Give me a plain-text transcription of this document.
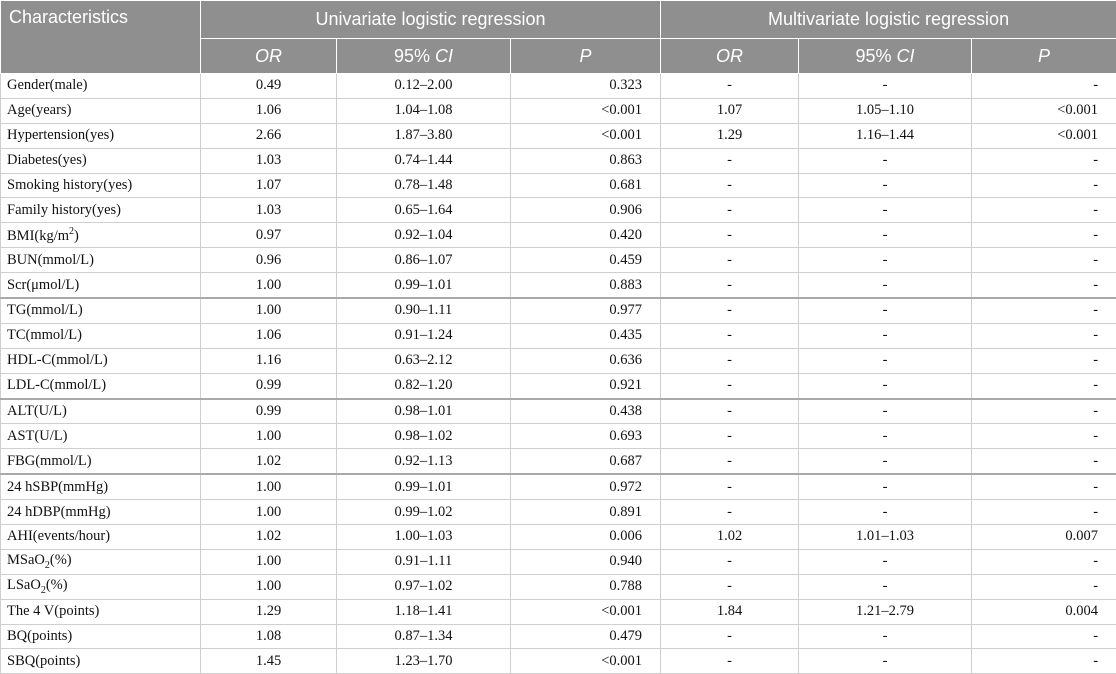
Characteristics	Univariate logistic regression			Multivariate logistic regression		
	OR	95% CI	P	OR	95% CI	P
Gender(male)	0.49	0.12–2.00	0.323	-	-	-
Age(years)	1.06	1.04–1.08	<0.001	1.07	1.05–1.10	<0.001
Hypertension(yes)	2.66	1.87–3.80	<0.001	1.29	1.16–1.44	<0.001
Diabetes(yes)	1.03	0.74–1.44	0.863	-	-	-
Smoking history(yes)	1.07	0.78–1.48	0.681	-	-	-
Family history(yes)	1.03	0.65–1.64	0.906	-	-	-
$BMI(kg/m^2)$	0.97	0.92–1.04	0.420	-	-	-
BUN(mmol/L)	0.96	0.86–1.07	0.459	-	-	-
Scr(μmol/L)	1.00	0.99–1.01	0.883	-	-	-
TG(mmol/L)	1.00	0.90–1.11	0.977	-	-	-
TC(mmol/L)	1.06	0.91–1.24	0.435	-	-	-
HDL-C(mmol/L)	1.16	0.63–2.12	0.636	-	-	-
LDL-C(mmol/L)	0.99	0.82–1.20	0.921	-	-	-
ALT(U/L)	0.99	0.98–1.01	0.438	-	-	-
AST(U/L)	1.00	0.98–1.02	0.693	-	-	-
FBG(mmol/L)	1.02	0.92–1.13	0.687	-	-	-
24 hSBP(mmHg)	1.00	0.99–1.01	0.972	-	-	-
24 hDBP(mmHg)	1.00	0.99–1.02	0.891	-	-	-
AHI(events/hour)	1.02	1.00–1.03	0.006	1.02	1.01–1.03	0.007
MSaO$_2$(%)	1.00	0.91–1.11	0.940	-	-	-
LSaO$_2$(%)	1.00	0.97–1.02	0.788	-	-	-
The 4 V(points)	1.29	1.18–1.41	<0.001	1.84	1.21–2.79	0.004
BQ(points)	1.08	0.87–1.34	0.479	-	-	-
SBQ(points)	1.45	1.23–1.70	<0.001	-	-	-
